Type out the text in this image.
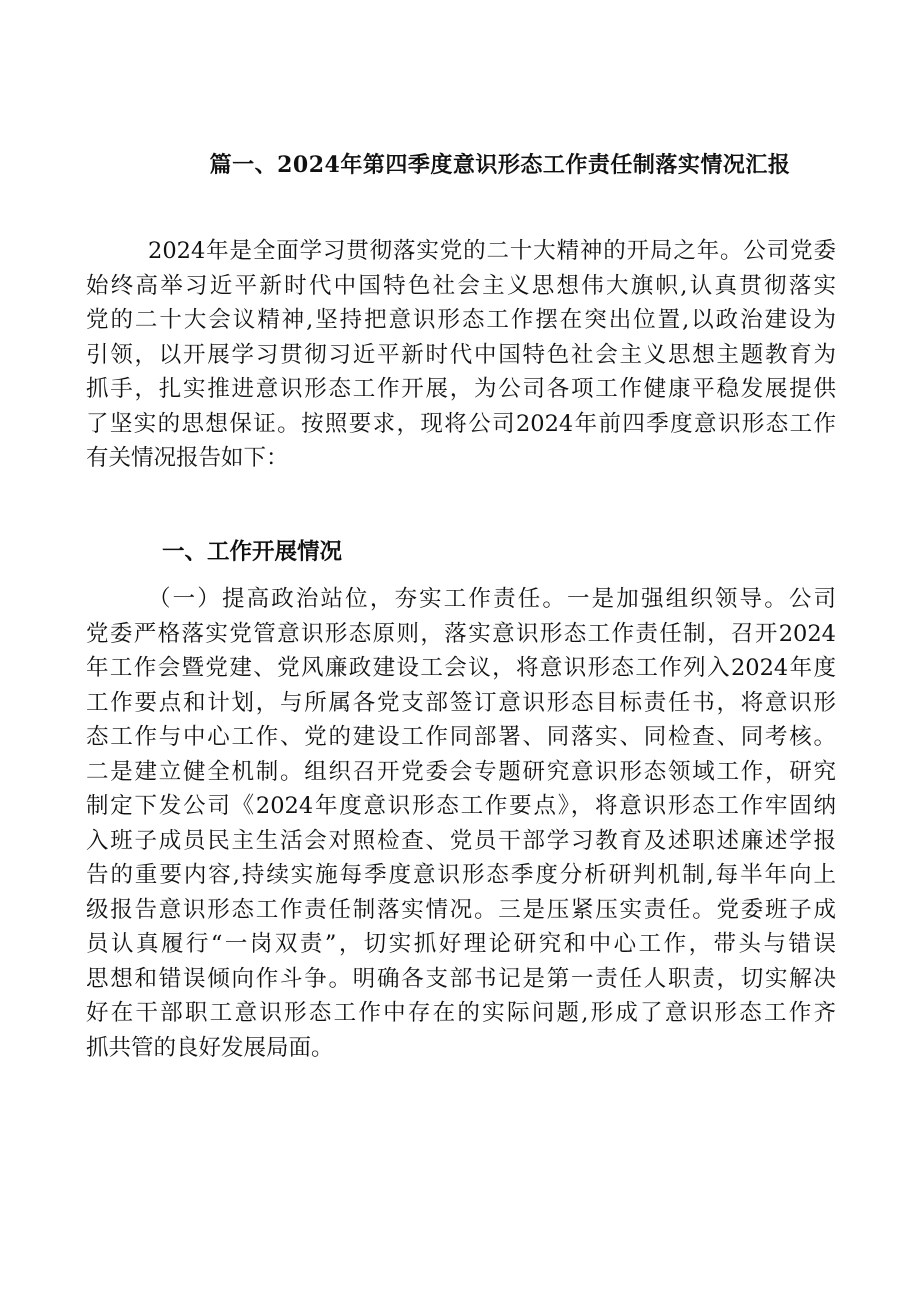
篇一、2024年第四季度意识形态工作责任制落实情况汇报
2024年是全面学习贯彻落实党的二十大精神的开局之年。公司党委
始终高举习近平新时代中国特色社会主义思想伟大旗帜,认真贯彻落实
党的二十大会议精神,坚持把意识形态工作摆在突出位置,以政治建设为
引领，以开展学习贯彻习近平新时代中国特色社会主义思想主题教育为
抓手，扎实推进意识形态工作开展，为公司各项工作健康平稳发展提供
了坚实的思想保证。按照要求，现将公司2024年前四季度意识形态工作
有关情况报告如下：
一、工作开展情况
（一）提高政治站位，夯实工作责任。一是加强组织领导。公司
党委严格落实党管意识形态原则，落实意识形态工作责任制，召开2024
年工作会暨党建、党风廉政建设工会议，将意识形态工作列入2024年度
工作要点和计划，与所属各党支部签订意识形态目标责任书，将意识形
态工作与中心工作、党的建设工作同部署、同落实、同检查、同考核。
二是建立健全机制。组织召开党委会专题研究意识形态领域工作，研究
制定下发公司《2024年度意识形态工作要点》，将意识形态工作牢固纳
入班子成员民主生活会对照检查、党员干部学习教育及述职述廉述学报
告的重要内容,持续实施每季度意识形态季度分析研判机制,每半年向上
级报告意识形态工作责任制落实情况。三是压紧压实责任。党委班子成
员认真履行“一岗双责”，切实抓好理论研究和中心工作，带头与错误
思想和错误倾向作斗争。明确各支部书记是第一责任人职责，切实解决
好在干部职工意识形态工作中存在的实际问题,形成了意识形态工作齐
抓共管的良好发展局面。
